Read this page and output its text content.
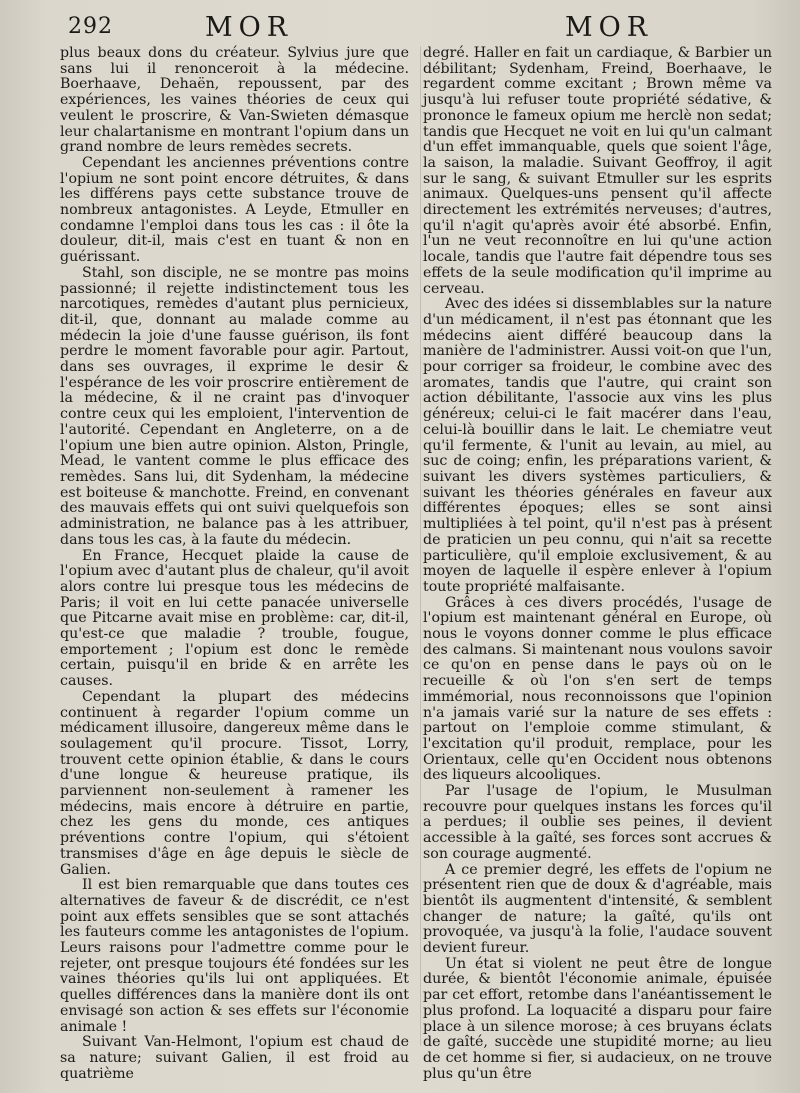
292	MOR	MOR

plus beaux dons du créateur. Sylvius jure que sans lui il renonceroit à la médecine. Boerhaave, Dehaën, repoussent, par des expériences, les vaines théories de ceux qui veulent le proscrire, & Van-Swieten démasque leur chalartanisme en montrant l'opium dans un grand nombre de leurs remèdes secrets.

Cependant les anciennes préventions contre l'opium ne sont point encore détruites, & dans les différens pays cette substance trouve de nombreux antagonistes. A Leyde, Etmuller en condamne l'emploi dans tous les cas : il ôte la douleur, dit-il, mais c'est en tuant & non en guérissant.

Stahl, son disciple, ne se montre pas moins passionné; il rejette indistinctement tous les narcotiques, remèdes d'autant plus pernicieux, dit-il, que, donnant au malade comme au médecin la joie d'une fausse guérison, ils font perdre le moment favorable pour agir. Partout, dans ses ouvrages, il exprime le desir & l'espérance de les voir proscrire entièrement de la médecine, & il ne craint pas d'invoquer contre ceux qui les emploient, l'intervention de l'autorité. Cependant en Angleterre, on a de l'opium une bien autre opinion. Alston, Pringle, Mead, le vantent comme le plus efficace des remèdes. Sans lui, dit Sydenham, la médecine est boiteuse & manchotte. Freind, en convenant des mauvais effets qui ont suivi quelquefois son administration, ne balance pas à les attribuer, dans tous les cas, à la faute du médecin.

En France, Hecquet plaide la cause de l'opium avec d'autant plus de chaleur, qu'il avoit alors contre lui presque tous les médecins de Paris; il voit en lui cette panacée universelle que Pitcarne avait mise en problème: car, dit-il, qu'est-ce que maladie ? trouble, fougue, emportement ; l'opium est donc le remède certain, puisqu'il en bride & en arrête les causes.

Cependant la plupart des médecins continuent à regarder l'opium comme un médicament illusoire, dangereux même dans le soulagement qu'il procure. Tissot, Lorry, trouvent cette opinion établie, & dans le cours d'une longue & heureuse pratique, ils parviennent non-seulement à ramener les médecins, mais encore à détruire en partie, chez les gens du monde, ces antiques préventions contre l'opium, qui s'étoient transmises d'âge en âge depuis le siècle de Galien.

Il est bien remarquable que dans toutes ces alternatives de faveur & de discrédit, ce n'est point aux effets sensibles que se sont attachés les fauteurs comme les antagonistes de l'opium. Leurs raisons pour l'admettre comme pour le rejeter, ont presque toujours été fondées sur les vaines théories qu'ils lui ont appliquées. Et quelles différences dans la manière dont ils ont envisagé son action & ses effets sur l'économie animale !

Suivant Van-Helmont, l'opium est chaud de sa nature; suivant Galien, il est froid au quatrième

degré. Haller en fait un cardiaque, & Barbier un débilitant; Sydenham, Freind, Boerhaave, le regardent comme excitant ; Brown même va jusqu'à lui refuser toute propriété sédative, & prononce le fameux opium me herclè non sedat; tandis que Hecquet ne voit en lui qu'un calmant d'un effet immanquable, quels que soient l'âge, la saison, la maladie. Suivant Geoffroy, il agit sur le sang, & suivant Etmuller sur les esprits animaux. Quelques-uns pensent qu'il affecte directement les extrémités nerveuses; d'autres, qu'il n'agit qu'après avoir été absorbé. Enfin, l'un ne veut reconnoître en lui qu'une action locale, tandis que l'autre fait dépendre tous ses effets de la seule modification qu'il imprime au cerveau.

Avec des idées si dissemblables sur la nature d'un médicament, il n'est pas étonnant que les médecins aient différé beaucoup dans la manière de l'administrer. Aussi voit-on que l'un, pour corriger sa froideur, le combine avec des aromates, tandis que l'autre, qui craint son action débilitante, l'associe aux vins les plus généreux; celui-ci le fait macérer dans l'eau, celui-là bouillir dans le lait. Le chemiatre veut qu'il fermente, & l'unit au levain, au miel, au suc de coing; enfin, les préparations varient, & suivant les divers systèmes particuliers, & suivant les théories générales en faveur aux différentes époques; elles se sont ainsi multipliées à tel point, qu'il n'est pas à présent de praticien un peu connu, qui n'ait sa recette particulière, qu'il emploie exclusivement, & au moyen de laquelle il espère enlever à l'opium toute propriété malfaisante.

Grâces à ces divers procédés, l'usage de l'opium est maintenant général en Europe, où nous le voyons donner comme le plus efficace des calmans. Si maintenant nous voulons savoir ce qu'on en pense dans le pays où on le recueille & où l'on s'en sert de temps immémorial, nous reconnoissons que l'opinion n'a jamais varié sur la nature de ses effets : partout on l'emploie comme stimulant, & l'excitation qu'il produit, remplace, pour les Orientaux, celle qu'en Occident nous obtenons des liqueurs alcooliques.

Par l'usage de l'opium, le Musulman recouvre pour quelques instans les forces qu'il a perdues; il oublie ses peines, il devient accessible à la gaîté, ses forces sont accrues & son courage augmenté.

A ce premier degré, les effets de l'opium ne présentent rien que de doux & d'agréable, mais bientôt ils augmentent d'intensité, & semblent changer de nature; la gaîté, qu'ils ont provoquée, va jusqu'à la folie, l'audace souvent devient fureur.

Un état si violent ne peut être de longue durée, & bientôt l'économie animale, épuisée par cet effort, retombe dans l'anéantissement le plus profond. La loquacité a disparu pour faire place à un silence morose; à ces bruyans éclats de gaîté, succède une stupidité morne; au lieu de cet homme si fier, si audacieux, on ne trouve plus qu'un être
